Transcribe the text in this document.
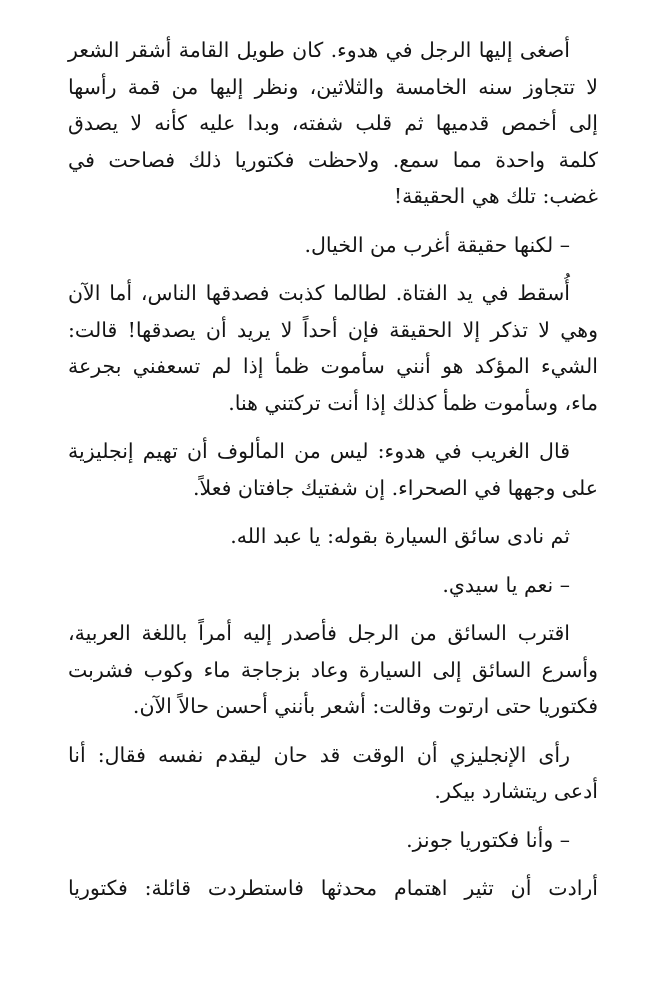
أصغى إليها الرجل في هدوء. كان طويل القامة أشقر الشعر
لا تتجاوز سنه الخامسة والثلاثين، ونظر إليها من قمة رأسها
إلى أخمص قدميها ثم قلب شفته، وبدا عليه كأنه لا يصدق
كلمة واحدة مما سمع. ولاحظت فكتوريا ذلك فصاحت في
غضب: تلك هي الحقيقة!

– لكنها حقيقة أغرب من الخيال.

أُسقط في يد الفتاة. لطالما كذبت فصدقها الناس، أما الآن
وهي لا تذكر إلا الحقيقة فإن أحداً لا يريد أن يصدقها! قالت:
الشيء المؤكد هو أنني سأموت ظمأ إذا لم تسعفني بجرعة
ماء، وسأموت ظمأ كذلك إذا أنت تركتني هنا.

قال الغريب في هدوء: ليس من المألوف أن تهيم إنجليزية
على وجهها في الصحراء. إن شفتيك جافتان فعلاً.

ثم نادى سائق السيارة بقوله: يا عبد الله.

– نعم يا سيدي.

اقترب السائق من الرجل فأصدر إليه أمراً باللغة العربية،
وأسرع السائق إلى السيارة وعاد بزجاجة ماء وكوب فشربت
فكتوريا حتى ارتوت وقالت: أشعر بأنني أحسن حالاً الآن.

رأى الإنجليزي أن الوقت قد حان ليقدم نفسه فقال: أنا
أدعى ريتشارد بيكر.

– وأنا فكتوريا جونز.

أرادت أن تثير اهتمام محدثها فاستطردت قائلة: فكتوريا
